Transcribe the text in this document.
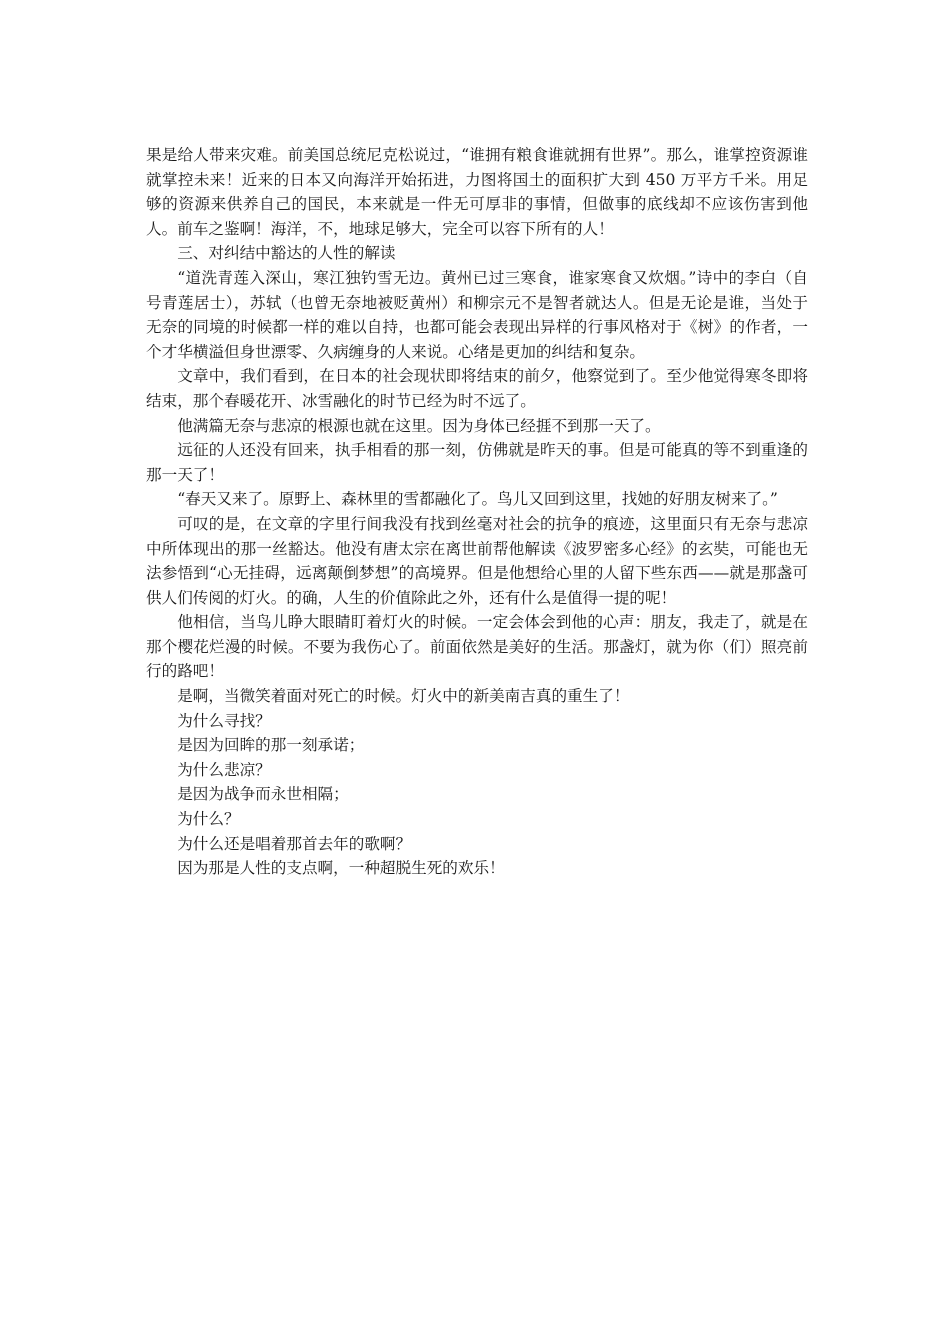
果是给人带来灾难。前美国总统尼克松说过，“谁拥有粮食谁就拥有世界”。那么，谁掌控资源谁就掌控未来！近来的日本又向海洋开始拓进，力图将国土的面积扩大到 450 万平方千米。用足够的资源来供养自己的国民，本来就是一件无可厚非的事情，但做事的底线却不应该伤害到他人。前车之鉴啊！海洋，不，地球足够大，完全可以容下所有的人！

三、对纠结中豁达的人性的解读

“道洗青莲入深山，寒江独钓雪无边。黄州已过三寒食，谁家寒食又炊烟。”诗中的李白（自号青莲居士），苏轼（也曾无奈地被贬黄州）和柳宗元不是智者就达人。但是无论是谁，当处于无奈的同境的时候都一样的难以自持，也都可能会表现出异样的行事风格对于《树》的作者，一个才华横溢但身世漂零、久病缠身的人来说。心绪是更加的纠结和复杂。

文章中，我们看到，在日本的社会现状即将结束的前夕，他察觉到了。至少他觉得寒冬即将结束，那个春暖花开、冰雪融化的时节已经为时不远了。

他满篇无奈与悲凉的根源也就在这里。因为身体已经捱不到那一天了。

远征的人还没有回来，执手相看的那一刻，仿佛就是昨天的事。但是可能真的等不到重逢的那一天了！

“春天又来了。原野上、森林里的雪都融化了。鸟儿又回到这里，找她的好朋友树来了。”

可叹的是，在文章的字里行间我没有找到丝毫对社会的抗争的痕迹，这里面只有无奈与悲凉中所体现出的那一丝豁达。他没有唐太宗在离世前帮他解读《波罗密多心经》的玄奘，可能也无法参悟到“心无挂碍，远离颠倒梦想”的高境界。但是他想给心里的人留下些东西——就是那盏可供人们传阅的灯火。的确，人生的价值除此之外，还有什么是值得一提的呢！

他相信，当鸟儿睁大眼睛盯着灯火的时候。一定会体会到他的心声：朋友，我走了，就是在那个樱花烂漫的时候。不要为我伤心了。前面依然是美好的生活。那盏灯，就为你（们）照亮前行的路吧！

是啊，当微笑着面对死亡的时候。灯火中的新美南吉真的重生了！

为什么寻找？

是因为回眸的那一刻承诺；

为什么悲凉？

是因为战争而永世相隔；

为什么？

为什么还是唱着那首去年的歌啊？

因为那是人性的支点啊，一种超脱生死的欢乐！
